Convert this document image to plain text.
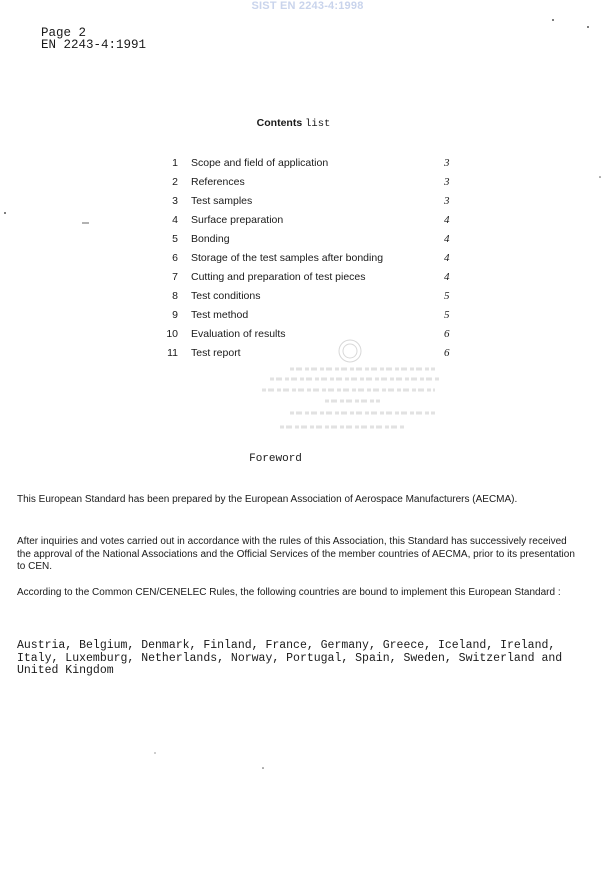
SIST EN 2243-4:1998
Page 2
EN 2243-4:1991
Contents list
1 Scope and field of application	3
2 References	3
3 Test samples	3
4 Surface preparation	4
5 Bonding	4
6 Storage of the test samples after bonding	4
7 Cutting and preparation of test pieces	4
8 Test conditions	5
9 Test method	5
10 Evaluation of results	6
11 Test report	6
Foreword

This European Standard has been prepared by the European Association of Aerospace Manufacturers (AECMA).

After inquiries and votes carried out in accordance with the rules of this Association, this Standard has successively received the approval of the National Associations and the Official Services of the member countries of AECMA, prior to its presentation to CEN.

According to the Common CEN/CENELEC Rules, the following countries are bound to implement this European Standard :

Austria, Belgium, Denmark, Finland, France, Germany, Greece, Iceland, Ireland, Italy, Luxemburg, Netherlands, Norway, Portugal, Spain, Sweden, Switzerland and United Kingdom
